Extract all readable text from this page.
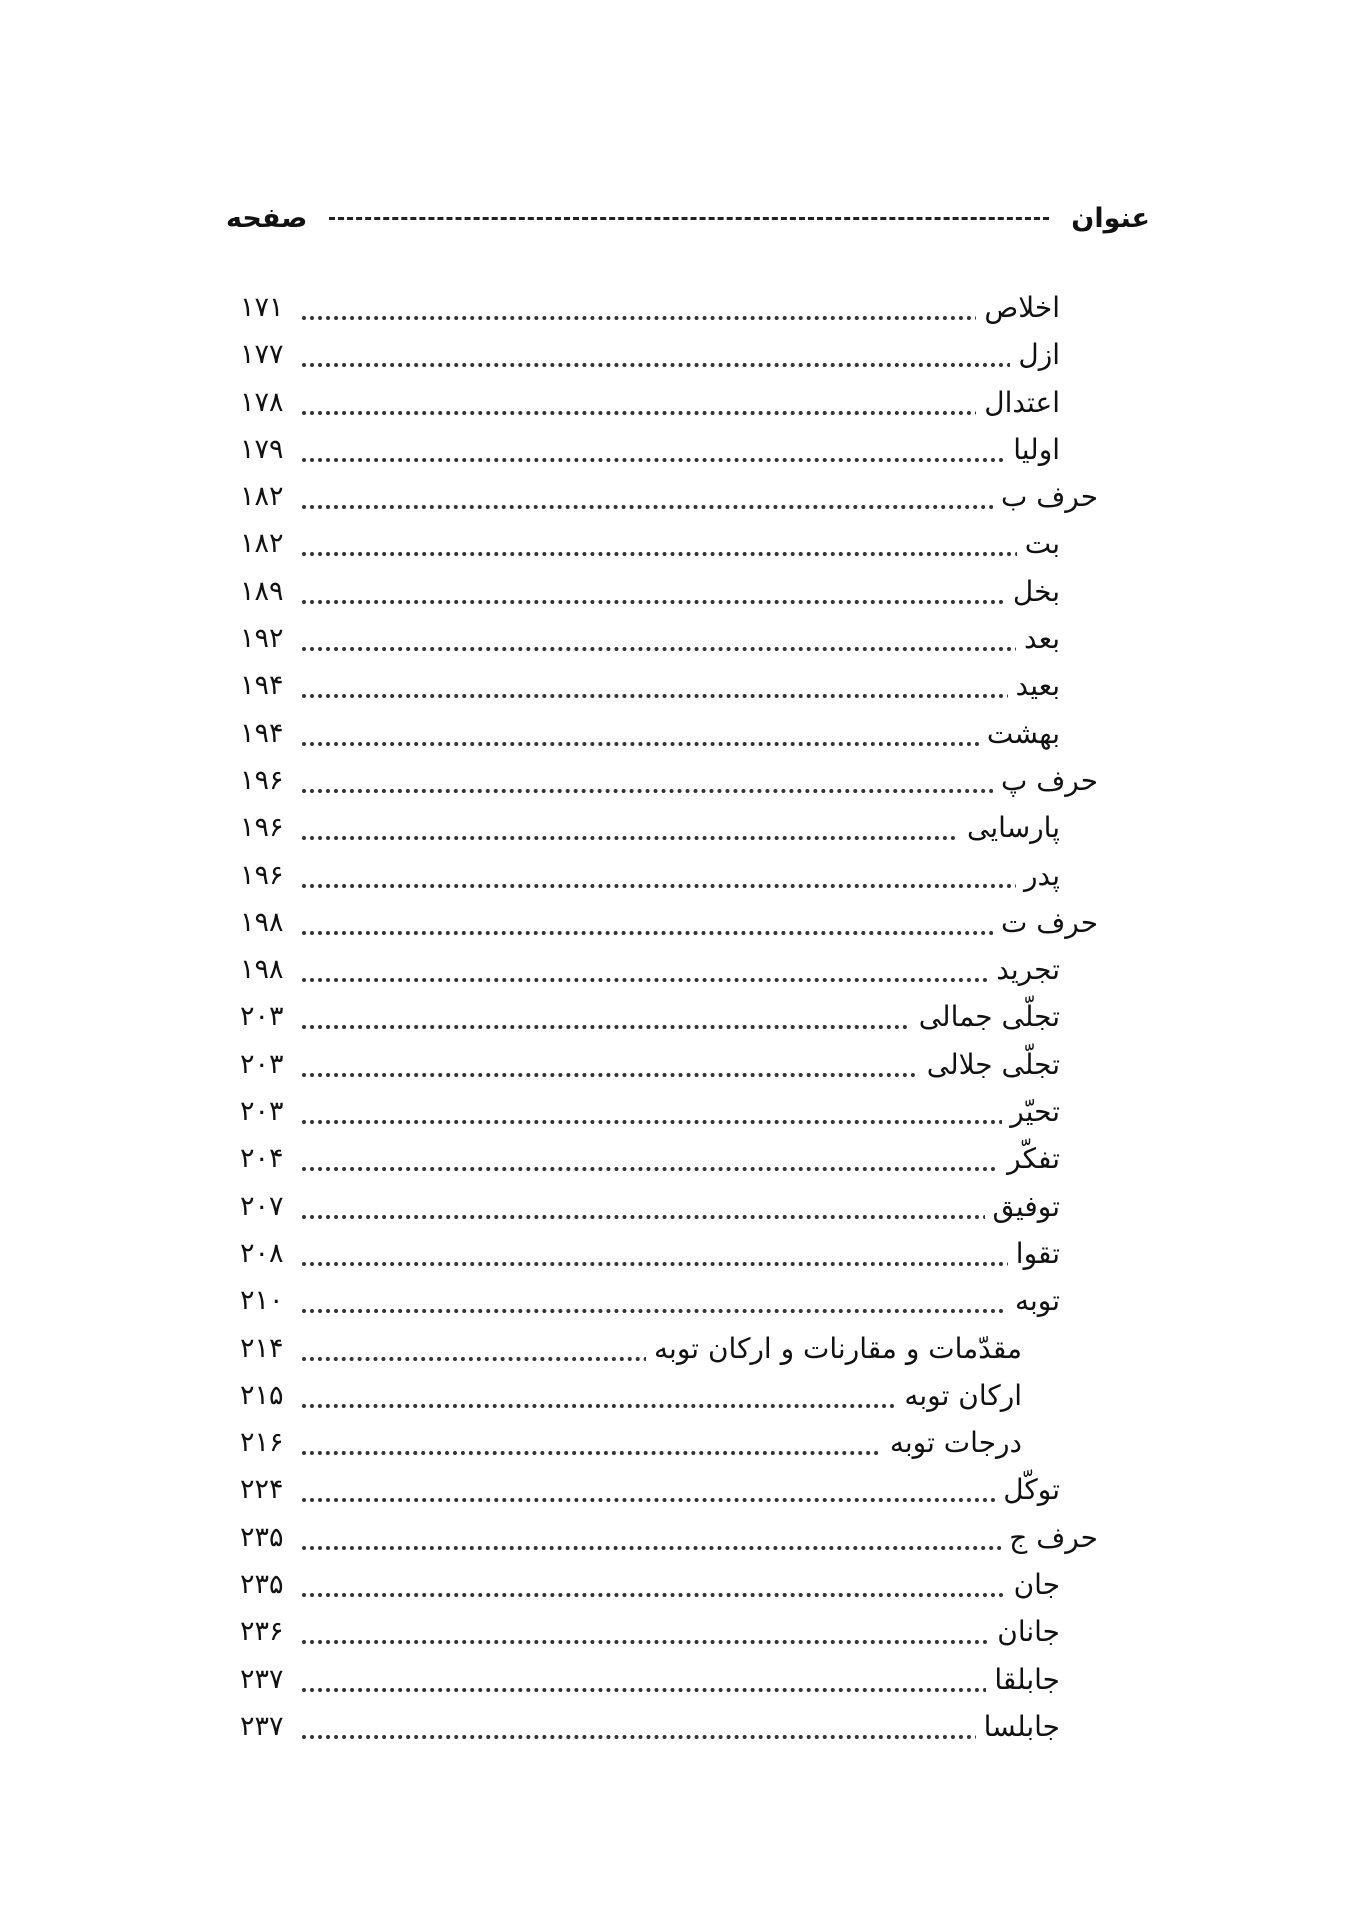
عنوان
صفحه
اخلاص
۱۷۱
ازل
۱۷۷
اعتدال
۱۷۸
اولیا
۱۷۹
حرف ب
۱۸۲
بت
۱۸۲
بخل
۱۸۹
بعد
۱۹۲
بعید
۱۹۴
بهشت
۱۹۴
حرف پ
۱۹۶
پارسایی
۱۹۶
پدر
۱۹۶
حرف ت
۱۹۸
تجرید
۱۹۸
تجلّی جمالی
۲۰۳
تجلّی جلالی
۲۰۳
تحیّر
۲۰۳
تفکّر
۲۰۴
توفیق
۲۰۷
تقوا
۲۰۸
توبه
۲۱۰
مقدّمات و مقارنات و ارکان توبه
۲۱۴
ارکان توبه
۲۱۵
درجات توبه
۲۱۶
توکّل
۲۲۴
حرف ج
۲۳۵
جان
۲۳۵
جانان
۲۳۶
جابلقا
۲۳۷
جابلسا
۲۳۷
